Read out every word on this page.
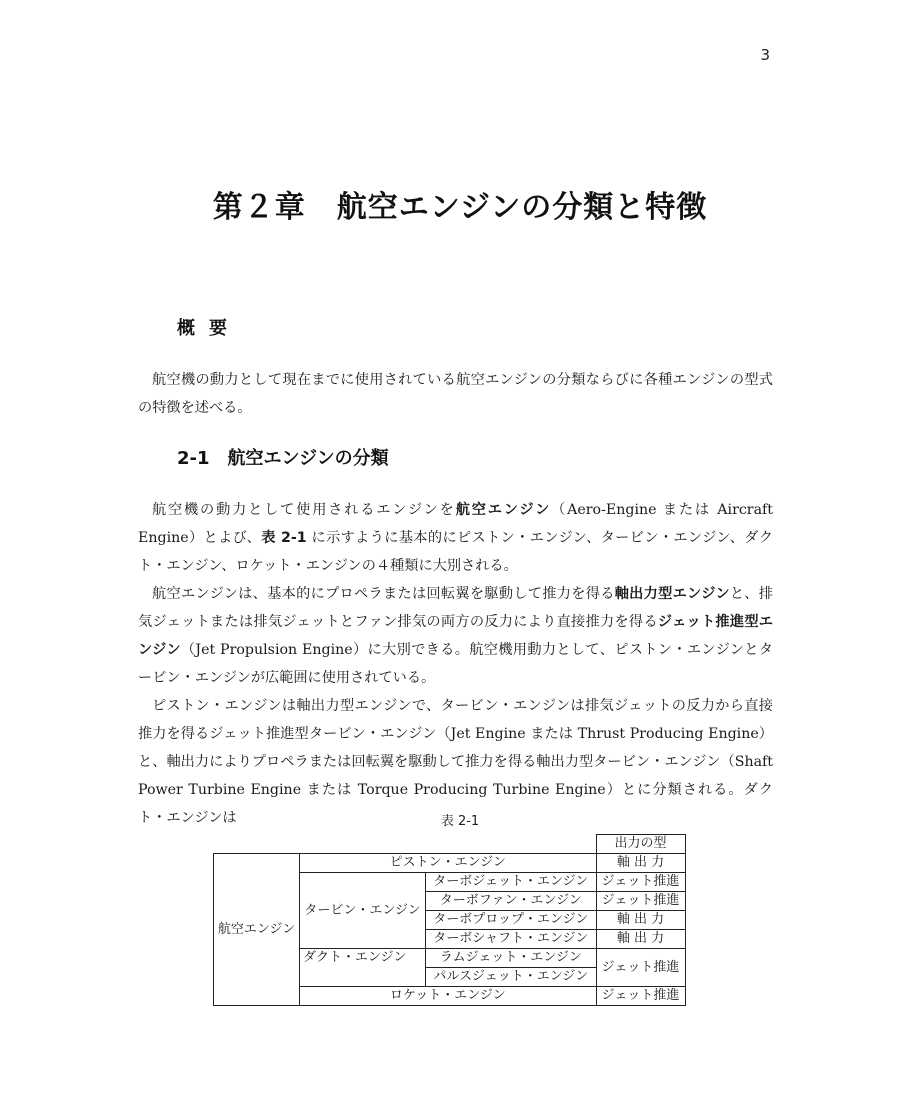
3
第２章　航空エンジンの分類と特徴
概要

航空機の動力として現在までに使用されている航空エンジンの分類ならびに各種エンジンの型式の特徴を述べる。

2-1 航空エンジンの分類

航空機の動力として使用されるエンジンを航空エンジン（Aero-Engine または Aircraft Engine）とよび、表 2-1 に示すように基本的にピストン・エンジン、タービン・エンジン、ダクト・エンジン、ロケット・エンジンの４種類に大別される。

航空エンジンは、基本的にプロペラまたは回転翼を駆動して推力を得る軸出力型エンジンと、排気ジェットまたは排気ジェットとファン排気の両方の反力により直接推力を得るジェット推進型エンジン（Jet Propulsion Engine）に大別できる。航空機用動力として、ピストン・エンジンとタービン・エンジンが広範囲に使用されている。

ピストン・エンジンは軸出力型エンジンで、タービン・エンジンは排気ジェットの反力から直接推力を得るジェット推進型タービン・エンジン（Jet Engine または Thrust Producing Engine）と、軸出力によりプロペラまたは回転翼を駆動して推力を得る軸出力型タービン・エンジン（Shaft Power Turbine Engine または Torque Producing Turbine Engine）とに分類される。ダクト・エンジンは	表 2-1
			出力の型
航空エンジン	ピストン・エンジン		軸 出 力
	タービン・エンジン	ターボジェット・エンジン	ジェット推進
		ターボファン・エンジン	ジェット推進
		ターボプロップ・エンジン	軸 出 力
		ターボシャフト・エンジン	軸 出 力
	ダクト・エンジン	ラムジェット・エンジン	ジェット推進
		パルスジェット・エンジン	
	ロケット・エンジン		ジェット推進
